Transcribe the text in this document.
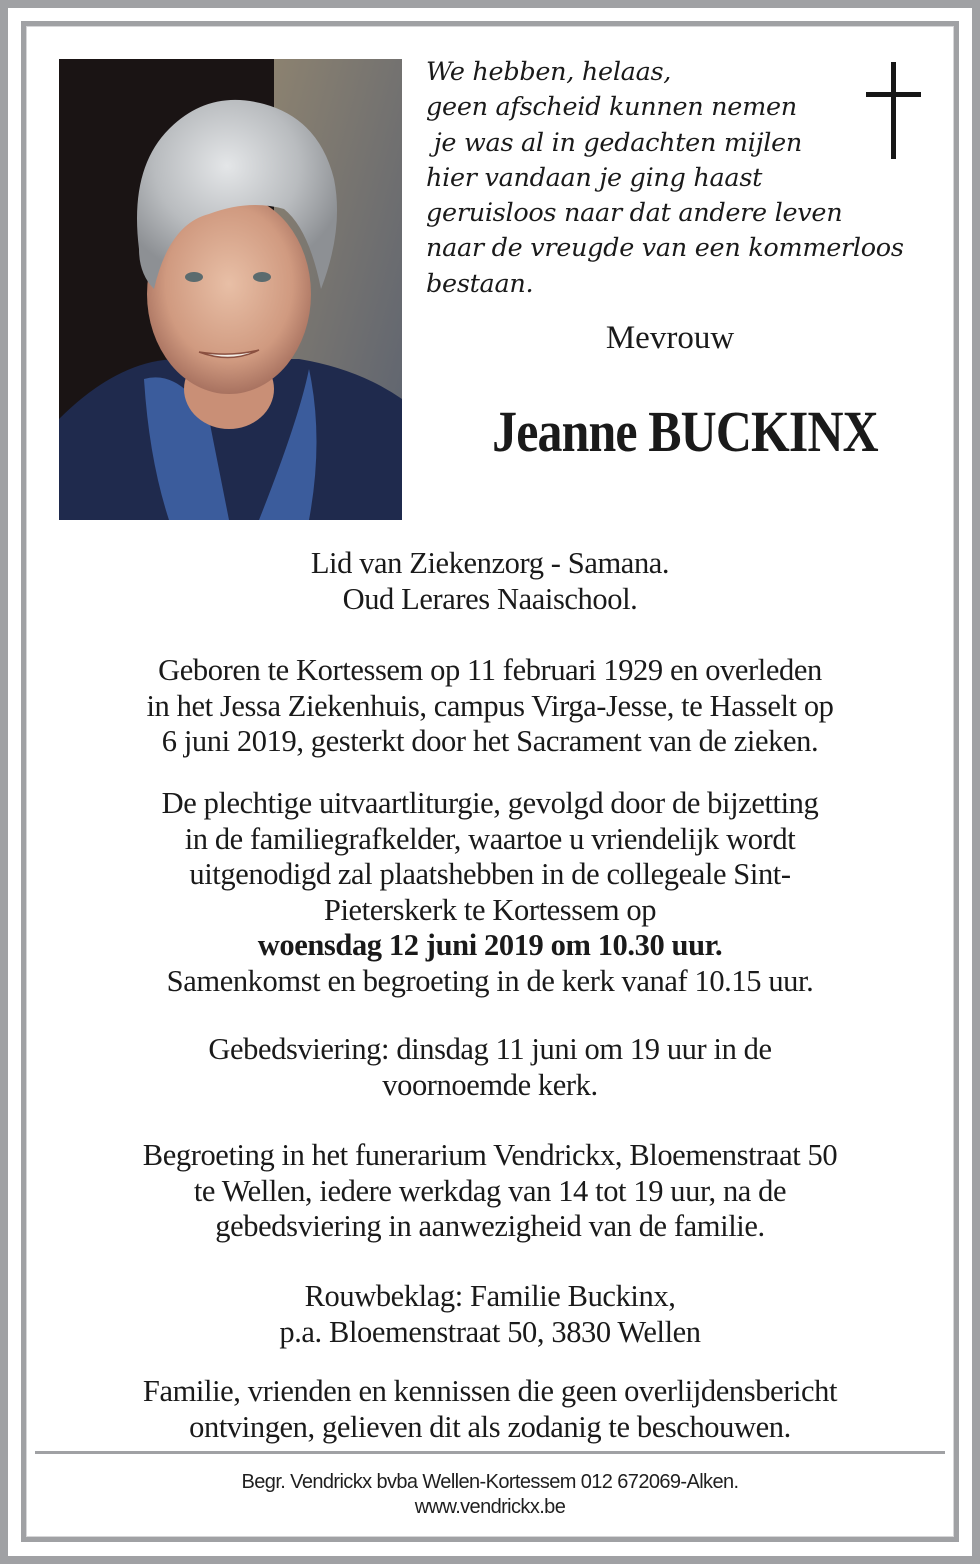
We hebben, helaas,
geen afscheid kunnen nemen
je was al in gedachten mijlen
hier vandaan je ging haast
geruisloos naar dat andere leven
naar de vreugde van een kommerloos
bestaan.
Mevrouw
Jeanne BUCKINX
Lid van Ziekenzorg - Samana.
Oud Lerares Naaischool.
Geboren te Kortessem op 11 februari 1929 en overleden
in het Jessa Ziekenhuis, campus Virga-Jesse, te Hasselt op
6 juni 2019, gesterkt door het Sacrament van de zieken.
De plechtige uitvaartliturgie, gevolgd door de bijzetting
in de familiegrafkelder, waartoe u vriendelijk wordt
uitgenodigd zal plaatshebben in de collegeale Sint-
Pieterskerk te Kortessem op
woensdag 12 juni 2019 om 10.30 uur.
Samenkomst en begroeting in de kerk vanaf 10.15 uur.
Gebedsviering: dinsdag 11 juni om 19 uur in de
voornoemde kerk.
Begroeting in het funerarium Vendrickx, Bloemenstraat 50
te Wellen, iedere werkdag van 14 tot 19 uur, na de
gebedsviering in aanwezigheid van de familie.
Rouwbeklag: Familie Buckinx,
p.a. Bloemenstraat 50, 3830 Wellen
Familie, vrienden en kennissen die geen overlijdensbericht
ontvingen, gelieven dit als zodanig te beschouwen.
Begr. Vendrickx bvba Wellen-Kortessem 012 672069-Alken.
www.vendrickx.be
